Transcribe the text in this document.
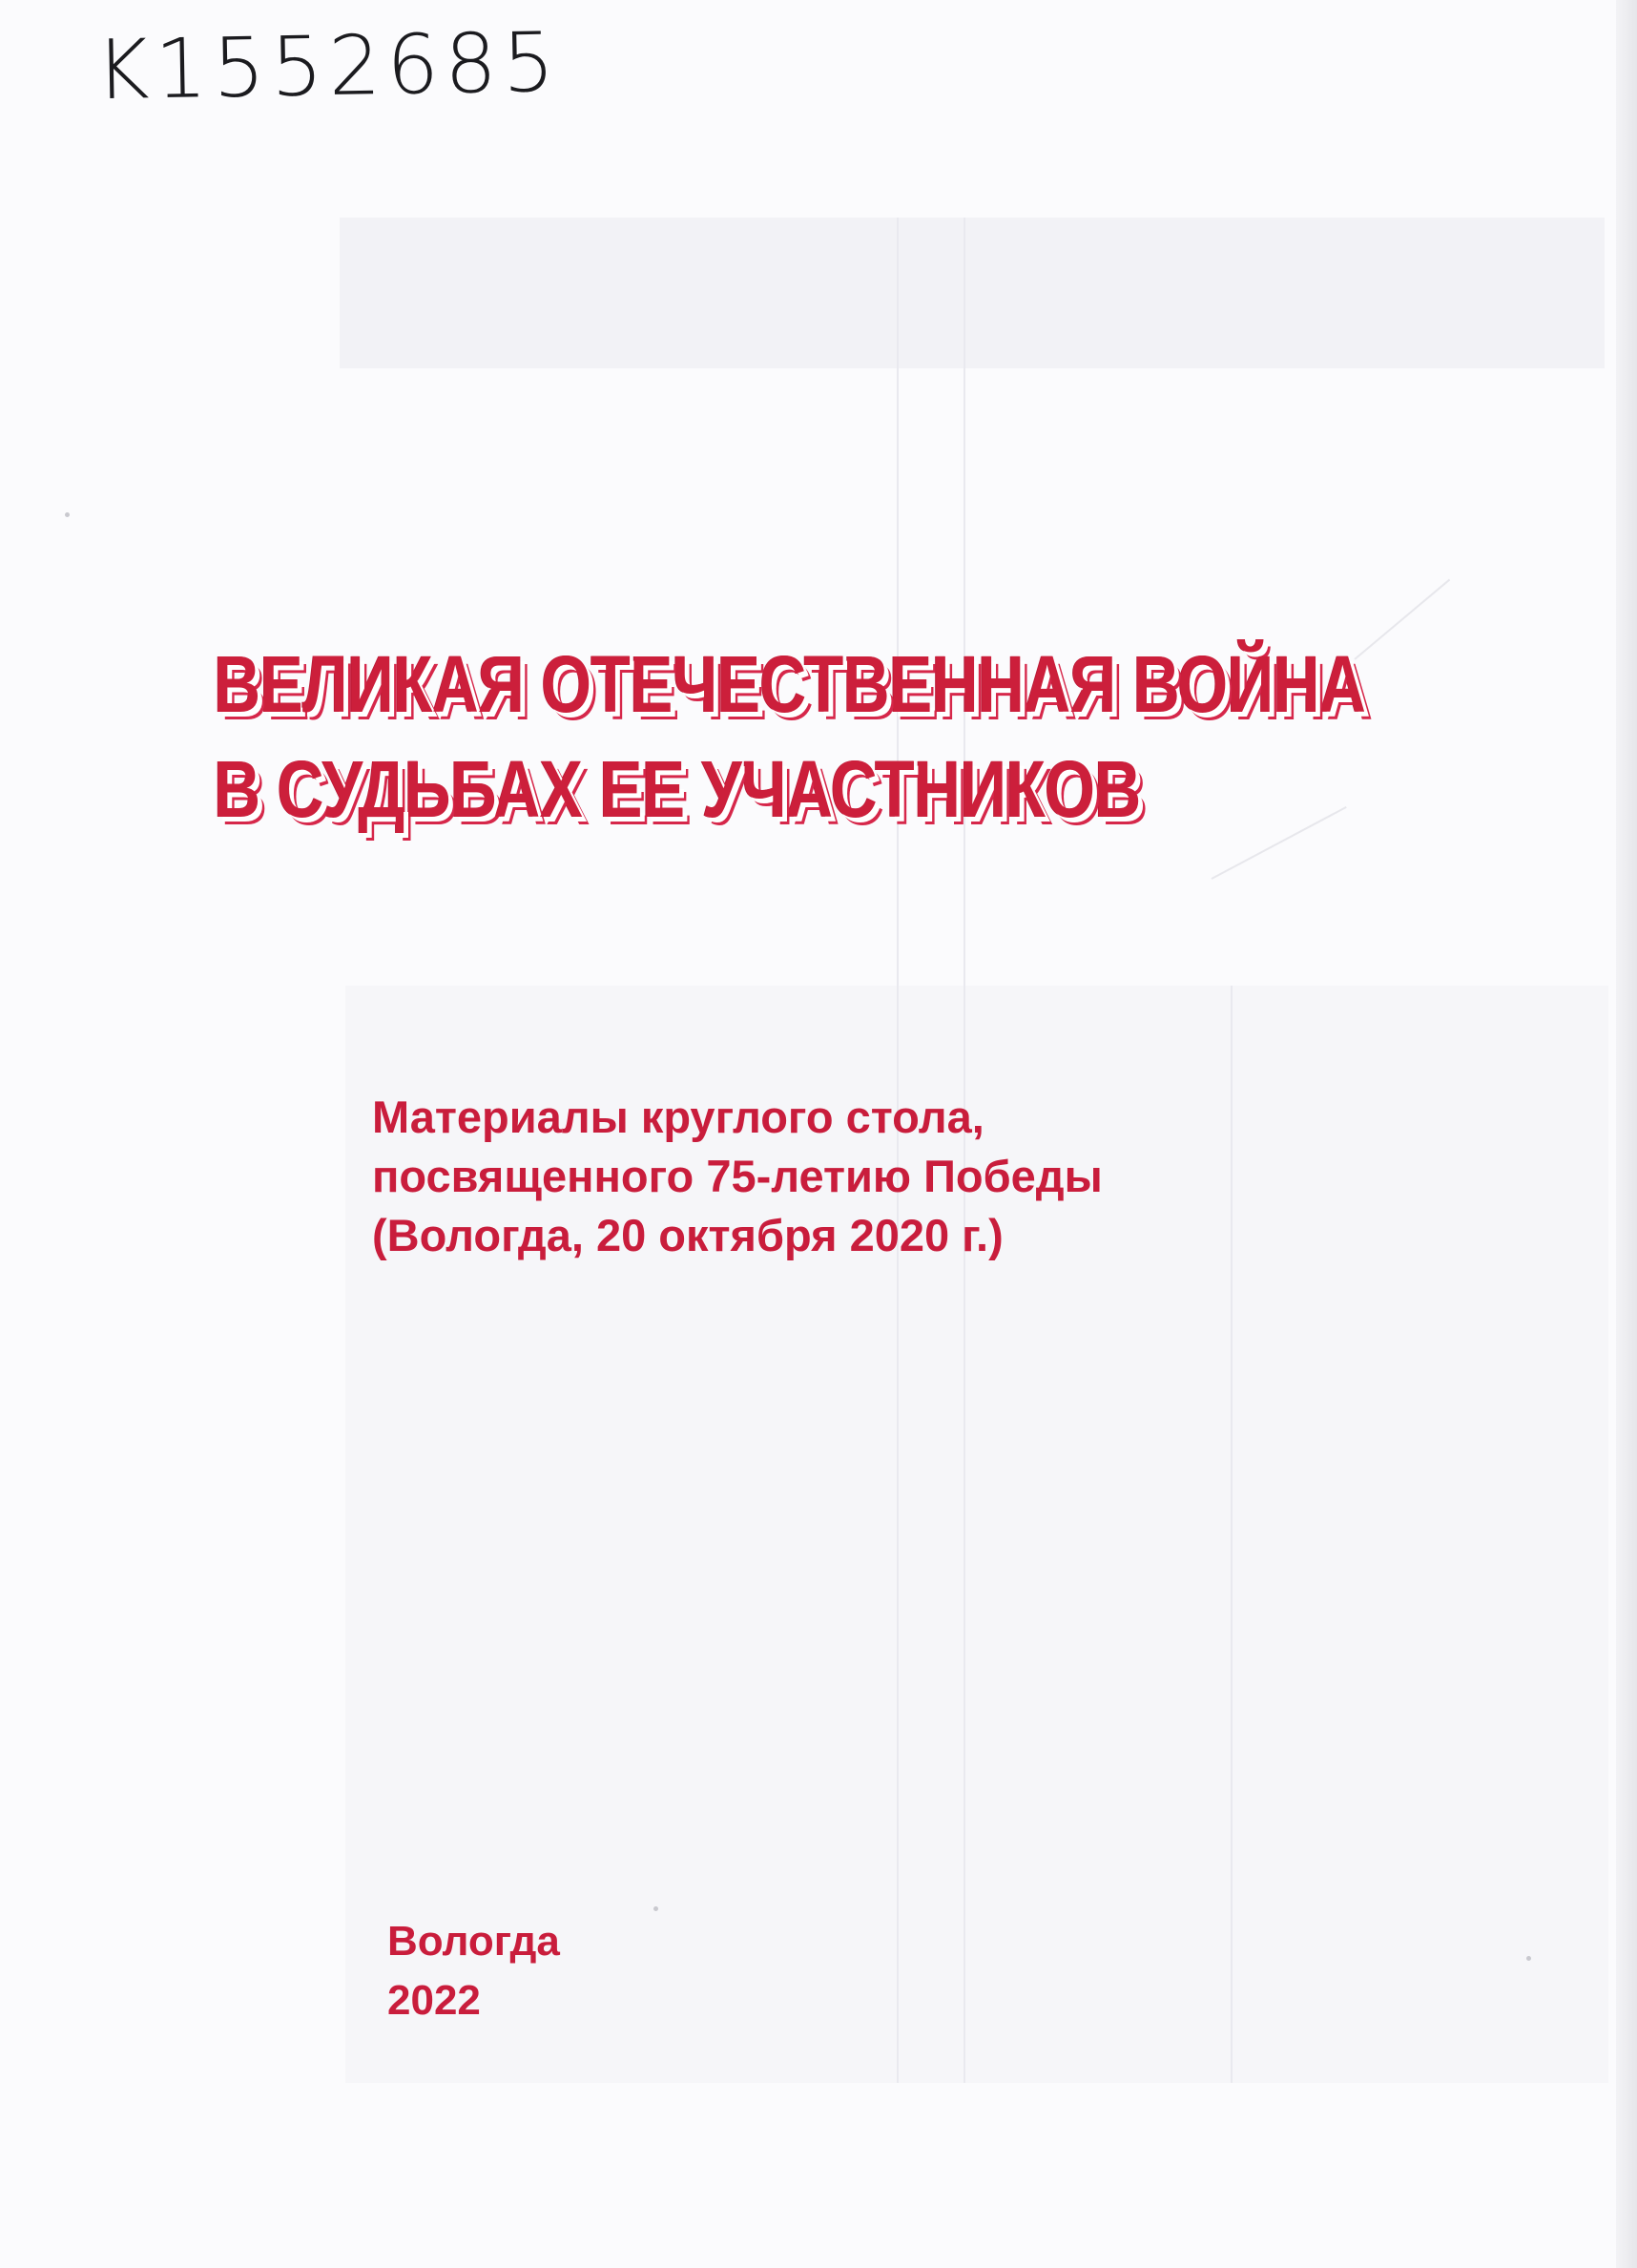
K1552685
ВЕЛИКАЯ ОТЕЧЕСТВЕННАЯ ВОЙНА
В СУДЬБАХ ЕЕ УЧАСТНИКОВ
Материалы круглого стола,
посвященного 75-летию Победы
(Вологда, 20 октября 2020 г.)
Вологда
2022
